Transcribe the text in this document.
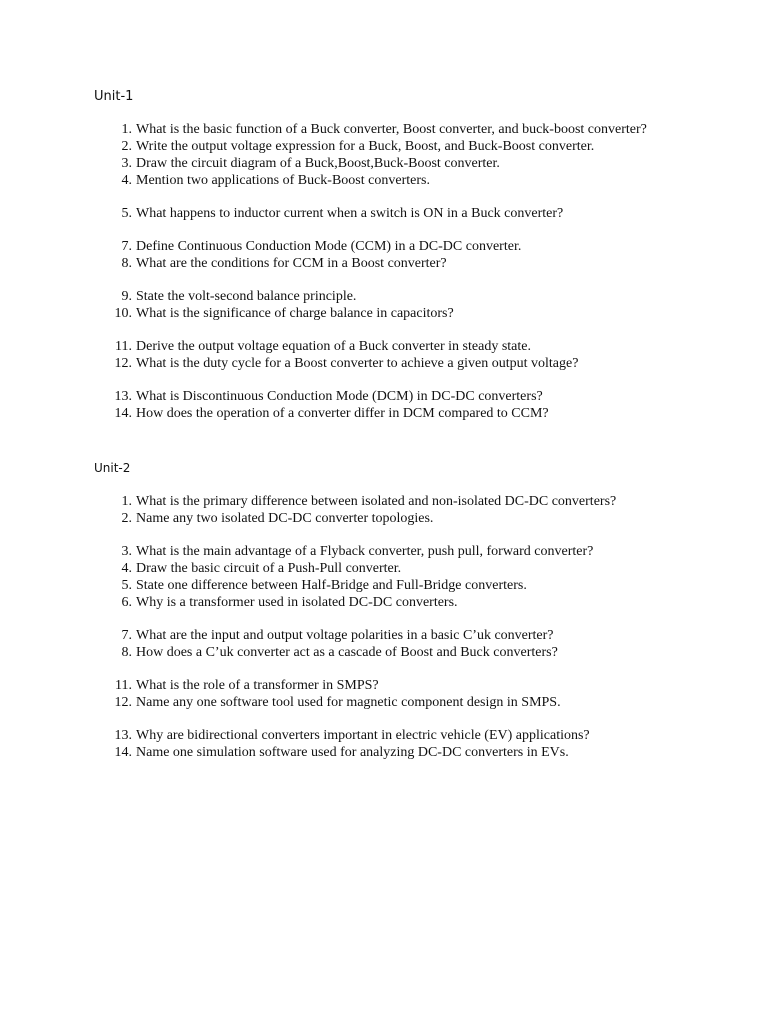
Unit-1
1. What is the basic function of a Buck converter, Boost converter, and buck-boost converter?
2. Write the output voltage expression for a Buck, Boost, and Buck-Boost converter.
3. Draw the circuit diagram of a Buck,Boost,Buck-Boost converter.
4. Mention two applications of Buck-Boost converters.
5. What happens to inductor current when a switch is ON in a Buck converter?
7. Define Continuous Conduction Mode (CCM) in a DC-DC converter.
8. What are the conditions for CCM in a Boost converter?
9. State the volt-second balance principle.
10. What is the significance of charge balance in capacitors?
11. Derive the output voltage equation of a Buck converter in steady state.
12. What is the duty cycle for a Boost converter to achieve a given output voltage?
13. What is Discontinuous Conduction Mode (DCM) in DC-DC converters?
14. How does the operation of a converter differ in DCM compared to CCM?
Unit-2
1. What is the primary difference between isolated and non-isolated DC-DC converters?
2. Name any two isolated DC-DC converter topologies.
3. What is the main advantage of a Flyback converter, push pull, forward converter?
4. Draw the basic circuit of a Push-Pull converter.
5. State one difference between Half-Bridge and Full-Bridge converters.
6. Why is a transformer used in isolated DC-DC converters.
7. What are the input and output voltage polarities in a basic C’uk converter?
8. How does a C’uk converter act as a cascade of Boost and Buck converters?
11. What is the role of a transformer in SMPS?
12. Name any one software tool used for magnetic component design in SMPS.
13. Why are bidirectional converters important in electric vehicle (EV) applications?
14. Name one simulation software used for analyzing DC-DC converters in EVs.
